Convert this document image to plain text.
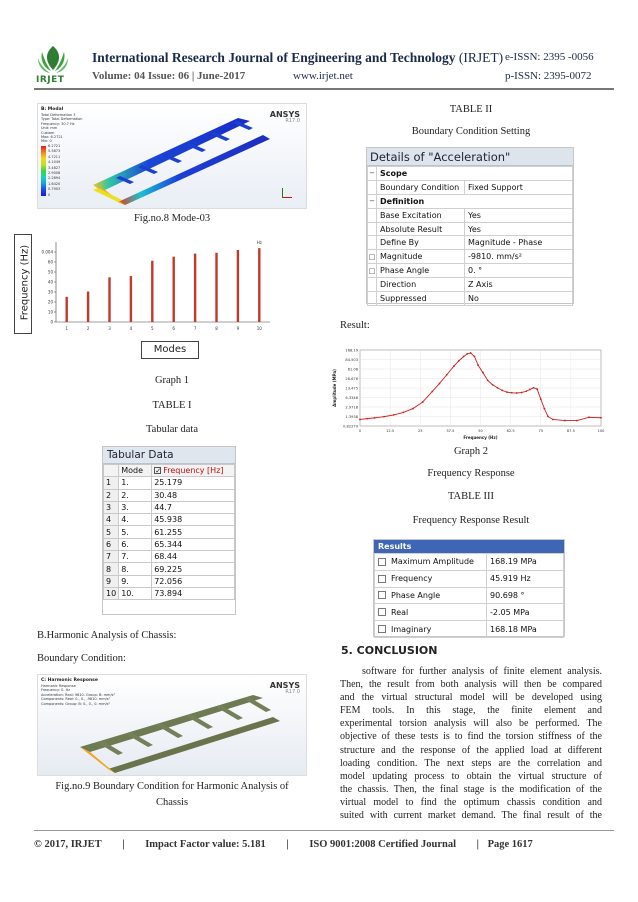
IRJET
International Research Journal of Engineering and Technology (IRJET) e-ISSN: 2395 -0056
Volume: 04 Issue: 06 | June-2017	www.irjet.net	p-ISSN: 2395-0072
B: Modal
Total Deformation 3
Type: Total Deformation
Frequency: 30.7 Hz
Unit: mm
Custom
Max: 6.2721
Min: 0
6.2721
5.5873
4.7211
4.1049
3.4827
2.9008
2.2894
1.6420
0.7903
0
ANSYS
R17.0
Fig.no.8 Mode-03
Frequency (Hz)
0
10
20
30
40
50
60
0.004
1	2	3	4	5	6	7	8	9	10
Hz
Modes
Graph 1
TABLE I
Tabular data
Tabular Data
	Mode	✓ Frequency [Hz]
1	1.	25.179
2	2.	30.48
3	3.	44.7
4	4.	45.938
5	5.	61.255
6	6.	65.344
7	7.	68.44
8	8.	69.225
9	9.	72.056
10	10.	73.894
B.Harmonic Analysis of Chassis:
Boundary Condition:
C: Harmonic Response
Harmonic Response
Frequency: 0. Hz
Acceleration: Real: 9810. Group: B: mm/s²
Components: Real: 0., 0., -9810. mm/s²
Components: Group: B: 0., 0., 0. mm/s²
ANSYS
R17.0
Fig.no.9 Boundary Condition for Harmonic Analysis of
Chassis
TABLE II
Boundary Condition Setting
Details of "Acceleration"
−	Scope	
	Boundary Condition	Fixed Support
−	Definition	
	Base Excitation	Yes
	Absolute Result	Yes
	Define By	Magnitude - Phase
□	Magnitude	-9810. mm/s²
□	Phase Angle	0. °
	Direction	Z Axis
	Suppressed	No
Result:
0	12.5	25	37.5	50	62.5	75	87.5	100
0.82279
1.3938
2.9718
6.3348
13.475
28.676
61.06
84.503
168.19
Frequency (Hz)
Amplitude (MPa)
Graph 2
Frequency Response
TABLE III
Frequency Response Result
Results
Maximum Amplitude	168.19 MPa
Frequency	45.919 Hz
Phase Angle	90.698 °
Real	-2.05 MPa
Imaginary	168.18 MPa
5. CONCLUSION
software for further analysis of finite element analysis.
Then, the result from both analysis will then be compared
and the virtual structural model will be developed using
FEM tools. In this stage, the finite element and
experimental torsion analysis will also be performed. The
objective of these tests is to find the torsion stiffness of the
structure and the response of the applied load at different
loading condition. The next steps are the correlation and
model updating process to obtain the virtual structure of
the chassis. Then, the final stage is the modification of the
virtual model to find the optimum chassis condition and
suited with current market demand. The final result of the
© 2017, IRJET | Impact Factor value: 5.181 | ISO 9001:2008 Certified Journal | Page 1617
